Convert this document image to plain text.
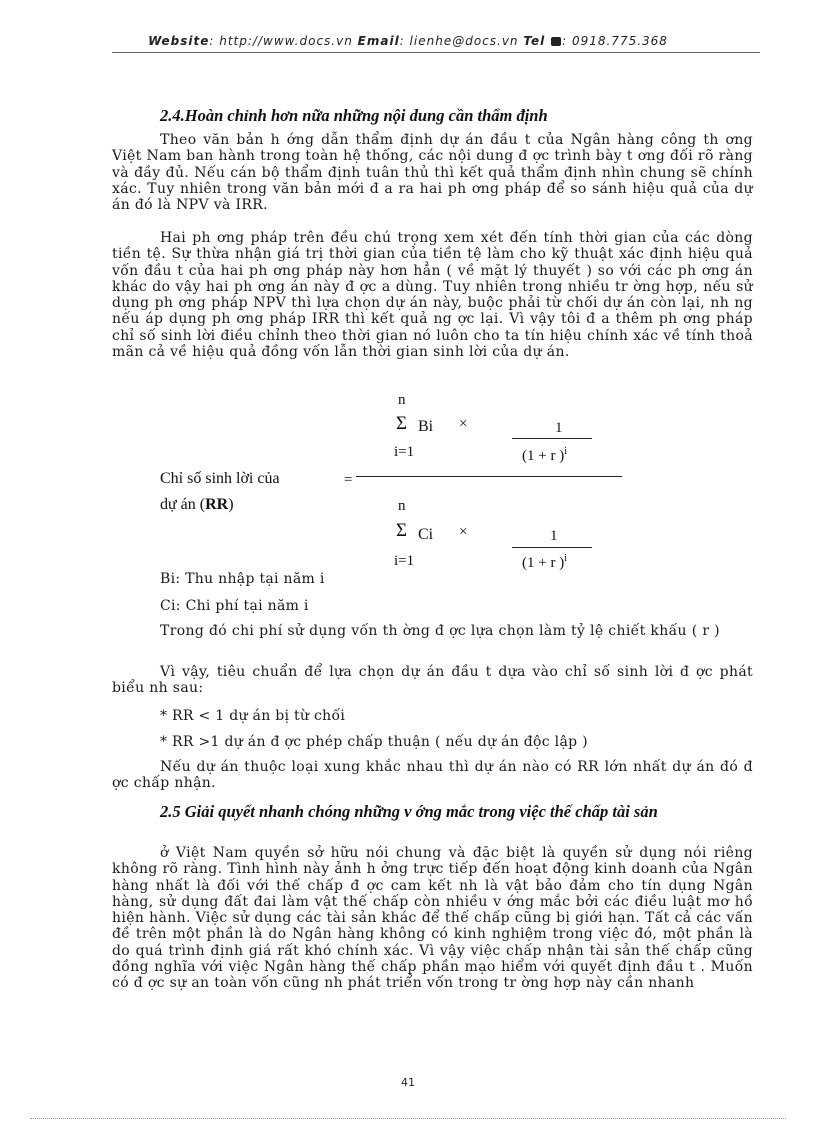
Website: http://www.docs.vn Email: lienhe@docs.vn Tel : 0918.775.368
2.4.Hoàn chỉnh hơn nữa những nội dung cần thẩm định
Theo văn bản h ớng dẫn thẩm định dự án đầu t của Ngân hàng công th ơng Việt Nam ban hành trong toàn hệ thống, các nội dung đ ợc trình bày t ơng đối rõ ràng và đầy đủ. Nếu cán bộ thẩm định tuân thủ thì kết quả thẩm định nhìn chung sẽ chính xác. Tuy nhiên trong văn bản mới đ a ra hai ph ơng pháp để so sánh hiệu quả của dự án đó là NPV và IRR.
Hai ph ơng pháp trên đều chú trọng xem xét đến tính thời gian của các dòng tiền tệ. Sự thừa nhận giá trị thời gian của tiền tệ làm cho kỹ thuật xác định hiệu quả vốn đầu t của hai ph ơng pháp này hơn hẳn ( về mặt lý thuyết ) so với các ph ơng án khác do vậy hai ph ơng án này đ ợc a dùng. Tuy nhiên trong nhiều tr ờng hợp, nếu sử dụng ph ơng pháp NPV thì lựa chọn dự án này, buộc phải từ chối dự án còn lại, nh ng nếu áp dụng ph ơng pháp IRR thì kết quả ng ợc lại. Vì vậy tôi đ a thêm ph ơng pháp chỉ số sinh lời điều chỉnh theo thời gian nó luôn cho ta tín hiệu chính xác về tính thoả mãn cả về hiệu quả đồng vốn lẫn thời gian sinh lời của dự án.
n
Σ Bi ×	1
i=1	(1 + r )$^i$
Chỉ số sinh lời của	=
dự án (RR)	n
Σ Ci ×	1
i=1	(1 + r )$^i$
Bi: Thu nhập tại năm i
Ci: Chi phí tại năm i
Trong đó chi phí sử dụng vốn th ờng đ ợc lựa chọn làm tỷ lệ chiết khấu ( r )
Vì vậy, tiêu chuẩn để lựa chọn dự án đầu t dựa vào chỉ số sinh lời đ ợc phát biểu nh sau:
* RR < 1 dự án bị từ chối
* RR >1 dự án đ ợc phép chấp thuận ( nếu dự án độc lập )
Nếu dự án thuộc loại xung khắc nhau thì dự án nào có RR lớn nhất dự án đó đ ợc chấp nhận.
2.5 Giải quyết nhanh chóng những v ớng mắc trong việc thế chấp tài sản
ở Việt Nam quyền sở hữu nói chung và đặc biệt là quyền sử dụng nói riêng không rõ ràng. Tình hình này ảnh h ởng trực tiếp đến hoạt động kinh doanh của Ngân hàng nhất là đối với thế chấp đ ợc cam kết nh là vật bảo đảm cho tín dụng Ngân hàng, sử dụng đất đai làm vật thế chấp còn nhiều v ớng mắc bởi các điều luật mơ hồ hiện hành. Việc sử dụng các tài sản khác để thế chấp cũng bị giới hạn. Tất cả các vấn đề trên một phần là do Ngân hàng không có kinh nghiệm trong việc đó, một phần là do quá trình định giá rất khó chính xác. Vì vậy việc chấp nhận tài sản thế chấp cũng đồng nghĩa với việc Ngân hàng thế chấp phần mạo hiểm với quyết định đầu t . Muốn có đ ợc sự an toàn vốn cũng nh phát triển vốn trong tr ờng hợp này cần nhanh
41
